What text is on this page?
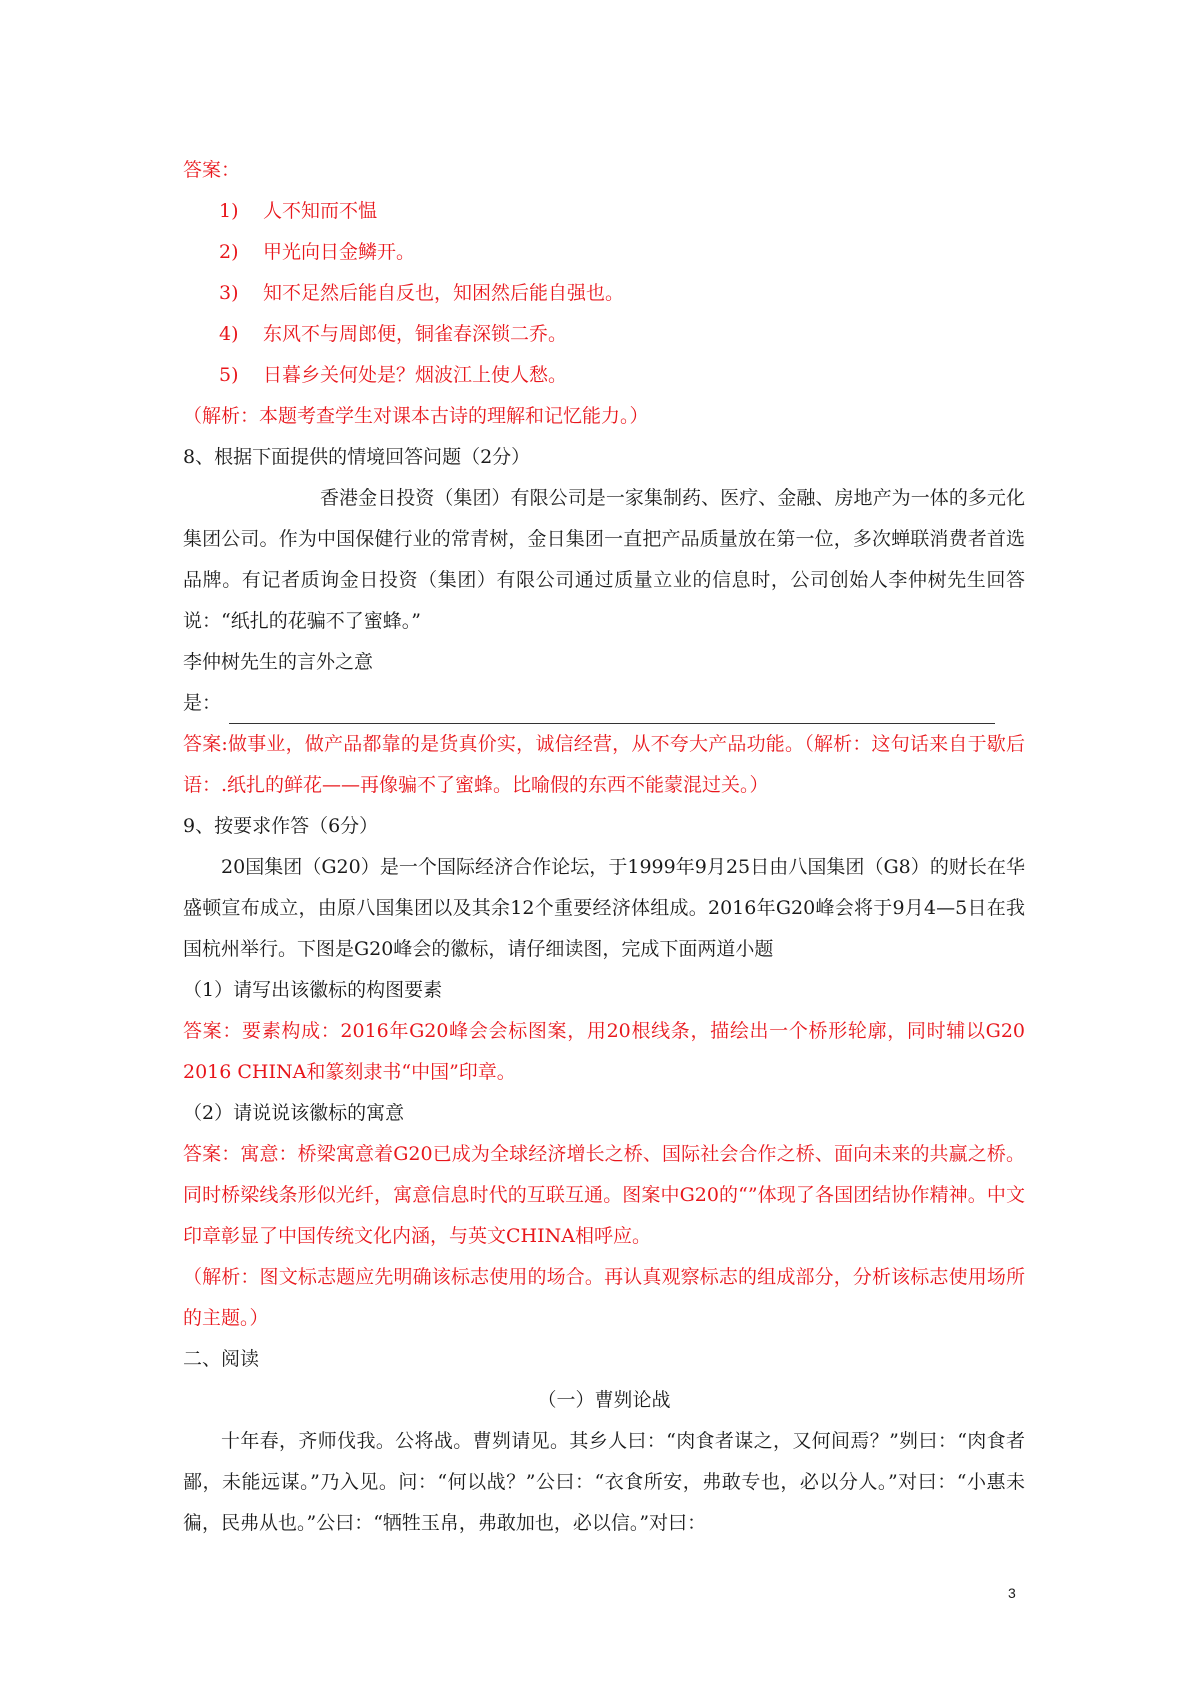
答案：
1) 人不知而不愠
2) 甲光向日金鳞开。
3) 知不足然后能自反也，知困然后能自强也。
4) 东风不与周郎便，铜雀春深锁二乔。
5) 日暮乡关何处是？烟波江上使人愁。
（解析：本题考查学生对课本古诗的理解和记忆能力。）
8、根据下面提供的情境回答问题（2分）
香港金日投资（集团）有限公司是一家集制药、医疗、金融、房地产为一体的多元化集团公司。作为中国保健行业的常青树，金日集团一直把产品质量放在第一位，多次蝉联消费者首选品牌。有记者质询金日投资（集团）有限公司通过质量立业的信息时，公司创始人李仲树先生回答说：“纸扎的花骗不了蜜蜂。”
李仲树先生的言外之意
是：
答案:做事业，做产品都靠的是货真价实，诚信经营，从不夸大产品功能。（解析：这句话来自于歇后语：.纸扎的鲜花——再像骗不了蜜蜂。比喻假的东西不能蒙混过关。）
9、按要求作答（6分）
20国集团（G20）是一个国际经济合作论坛，于1999年9月25日由八国集团（G8）的财长在华盛顿宣布成立，由原八国集团以及其余12个重要经济体组成。2016年G20峰会将于9月4—5日在我国杭州举行。下图是G20峰会的徽标，请仔细读图，完成下面两道小题
（1）请写出该徽标的构图要素
答案：要素构成：2016年G20峰会会标图案，用20根线条，描绘出一个桥形轮廓，同时辅以G20 2016 CHINA和篆刻隶书“中国”印章。
（2）请说说该徽标的寓意
答案：寓意：桥梁寓意着G20已成为全球经济增长之桥、国际社会合作之桥、面向未来的共赢之桥。同时桥梁线条形似光纤，寓意信息时代的互联互通。图案中G20的“”体现了各国团结协作精神。中文印章彰显了中国传统文化内涵，与英文CHINA相呼应。
（解析：图文标志题应先明确该标志使用的场合。再认真观察标志的组成部分，分析该标志使用场所的主题。）
二、阅读
（一）曹刿论战
十年春，齐师伐我。公将战。曹刿请见。其乡人曰：“肉食者谋之，又何间焉？”刿曰：“肉食者鄙，未能远谋。”乃入见。问：“何以战？”公曰：“衣食所安，弗敢专也，必以分人。”对曰：“小惠未徧，民弗从也。”公曰：“牺牲玉帛，弗敢加也，必以信。”对曰：
3
